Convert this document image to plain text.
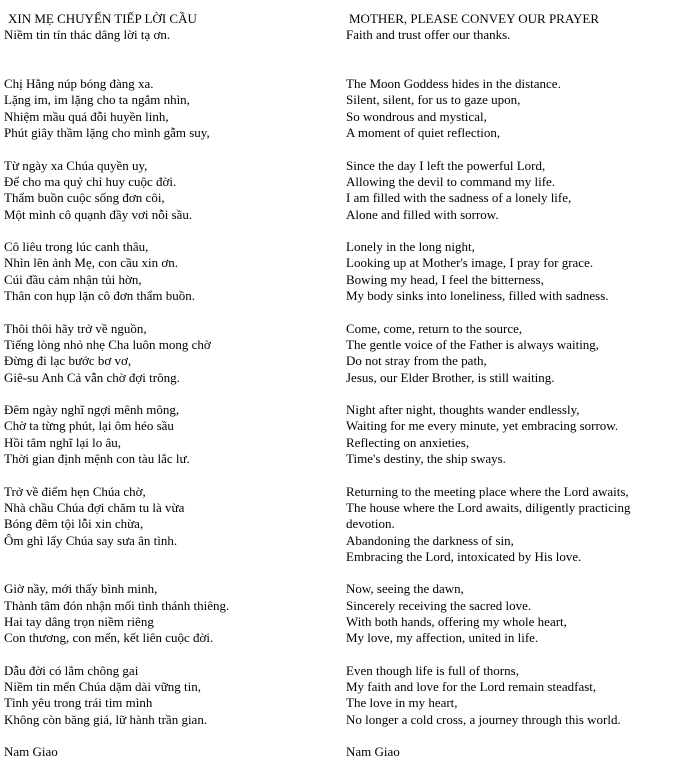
XIN MẸ CHUYỂN TIẾP LỜI CẦU
Niềm tin tín thác dâng lời tạ ơn.
Chị Hằng núp bóng đàng xa.
Lặng im, im lặng cho ta ngắm nhìn,
Nhiệm mầu quá đỗi huyền linh,
Phút giây thầm lặng cho mình gẫm suy,
Từ ngày xa Chúa quyền uy,
Để cho ma quỷ chỉ huy cuộc đời.
Thẩm buồn cuộc sống đơn côi,
Một mình cô quạnh đầy vơi nỗi sầu.
Cô liêu trong lúc canh thâu,
Nhìn lên ảnh Mẹ, con cầu xin ơn.
Cúi đầu cảm nhận tủi hờn,
Thân con hụp lặn cô đơn thẩm buồn.
Thôi thôi hãy trở về nguồn,
Tiếng lòng nhỏ nhẹ Cha luôn mong chờ
Đừng đi lạc bước bơ vơ,
Giê-su Anh Cả vẫn chờ đợi trông.
Đêm ngày nghĩ ngợi mênh mông,
Chờ ta từng phút, lại ôm héo sầu
Hồi tâm nghĩ lại lo âu,
Thời gian định mệnh con tàu lắc lư.
Trở về điểm hẹn Chúa chờ,
Nhà chầu Chúa đợi chăm tu là vừa
Bóng đêm tội lỗi xin chừa,
Ôm ghì lấy Chúa say sưa ân tình.
Giờ nầy, mới thấy bình minh,
Thành tâm đón nhận mối tình thánh thiêng.
Hai tay dâng trọn niềm riêng
Con thương, con mến, kết liên cuộc đời.
Dẫu đời có lắm chông gai
Niềm tin mến Chúa dặm dài vững tin,
Tình yêu trong trái tim mình
Không còn băng giá, lữ hành trần gian.
Nam Giao
MOTHER, PLEASE CONVEY OUR PRAYER
Faith and trust offer our thanks.
The Moon Goddess hides in the distance.
Silent, silent, for us to gaze upon,
So wondrous and mystical,
A moment of quiet reflection,
Since the day I left the powerful Lord,
Allowing the devil to command my life.
I am filled with the sadness of a lonely life,
Alone and filled with sorrow.
Lonely in the long night,
Looking up at Mother's image, I pray for grace.
Bowing my head, I feel the bitterness,
My body sinks into loneliness, filled with sadness.
Come, come, return to the source,
The gentle voice of the Father is always waiting,
Do not stray from the path,
Jesus, our Elder Brother, is still waiting.
Night after night, thoughts wander endlessly,
Waiting for me every minute, yet embracing sorrow.
Reflecting on anxieties,
Time's destiny, the ship sways.
Returning to the meeting place where the Lord awaits,
The house where the Lord awaits, diligently practicing
devotion.
Abandoning the darkness of sin,
Embracing the Lord, intoxicated by His love.
Now, seeing the dawn,
Sincerely receiving the sacred love.
With both hands, offering my whole heart,
My love, my affection, united in life.
Even though life is full of thorns,
My faith and love for the Lord remain steadfast,
The love in my heart,
No longer a cold cross, a journey through this world.
Nam Giao
